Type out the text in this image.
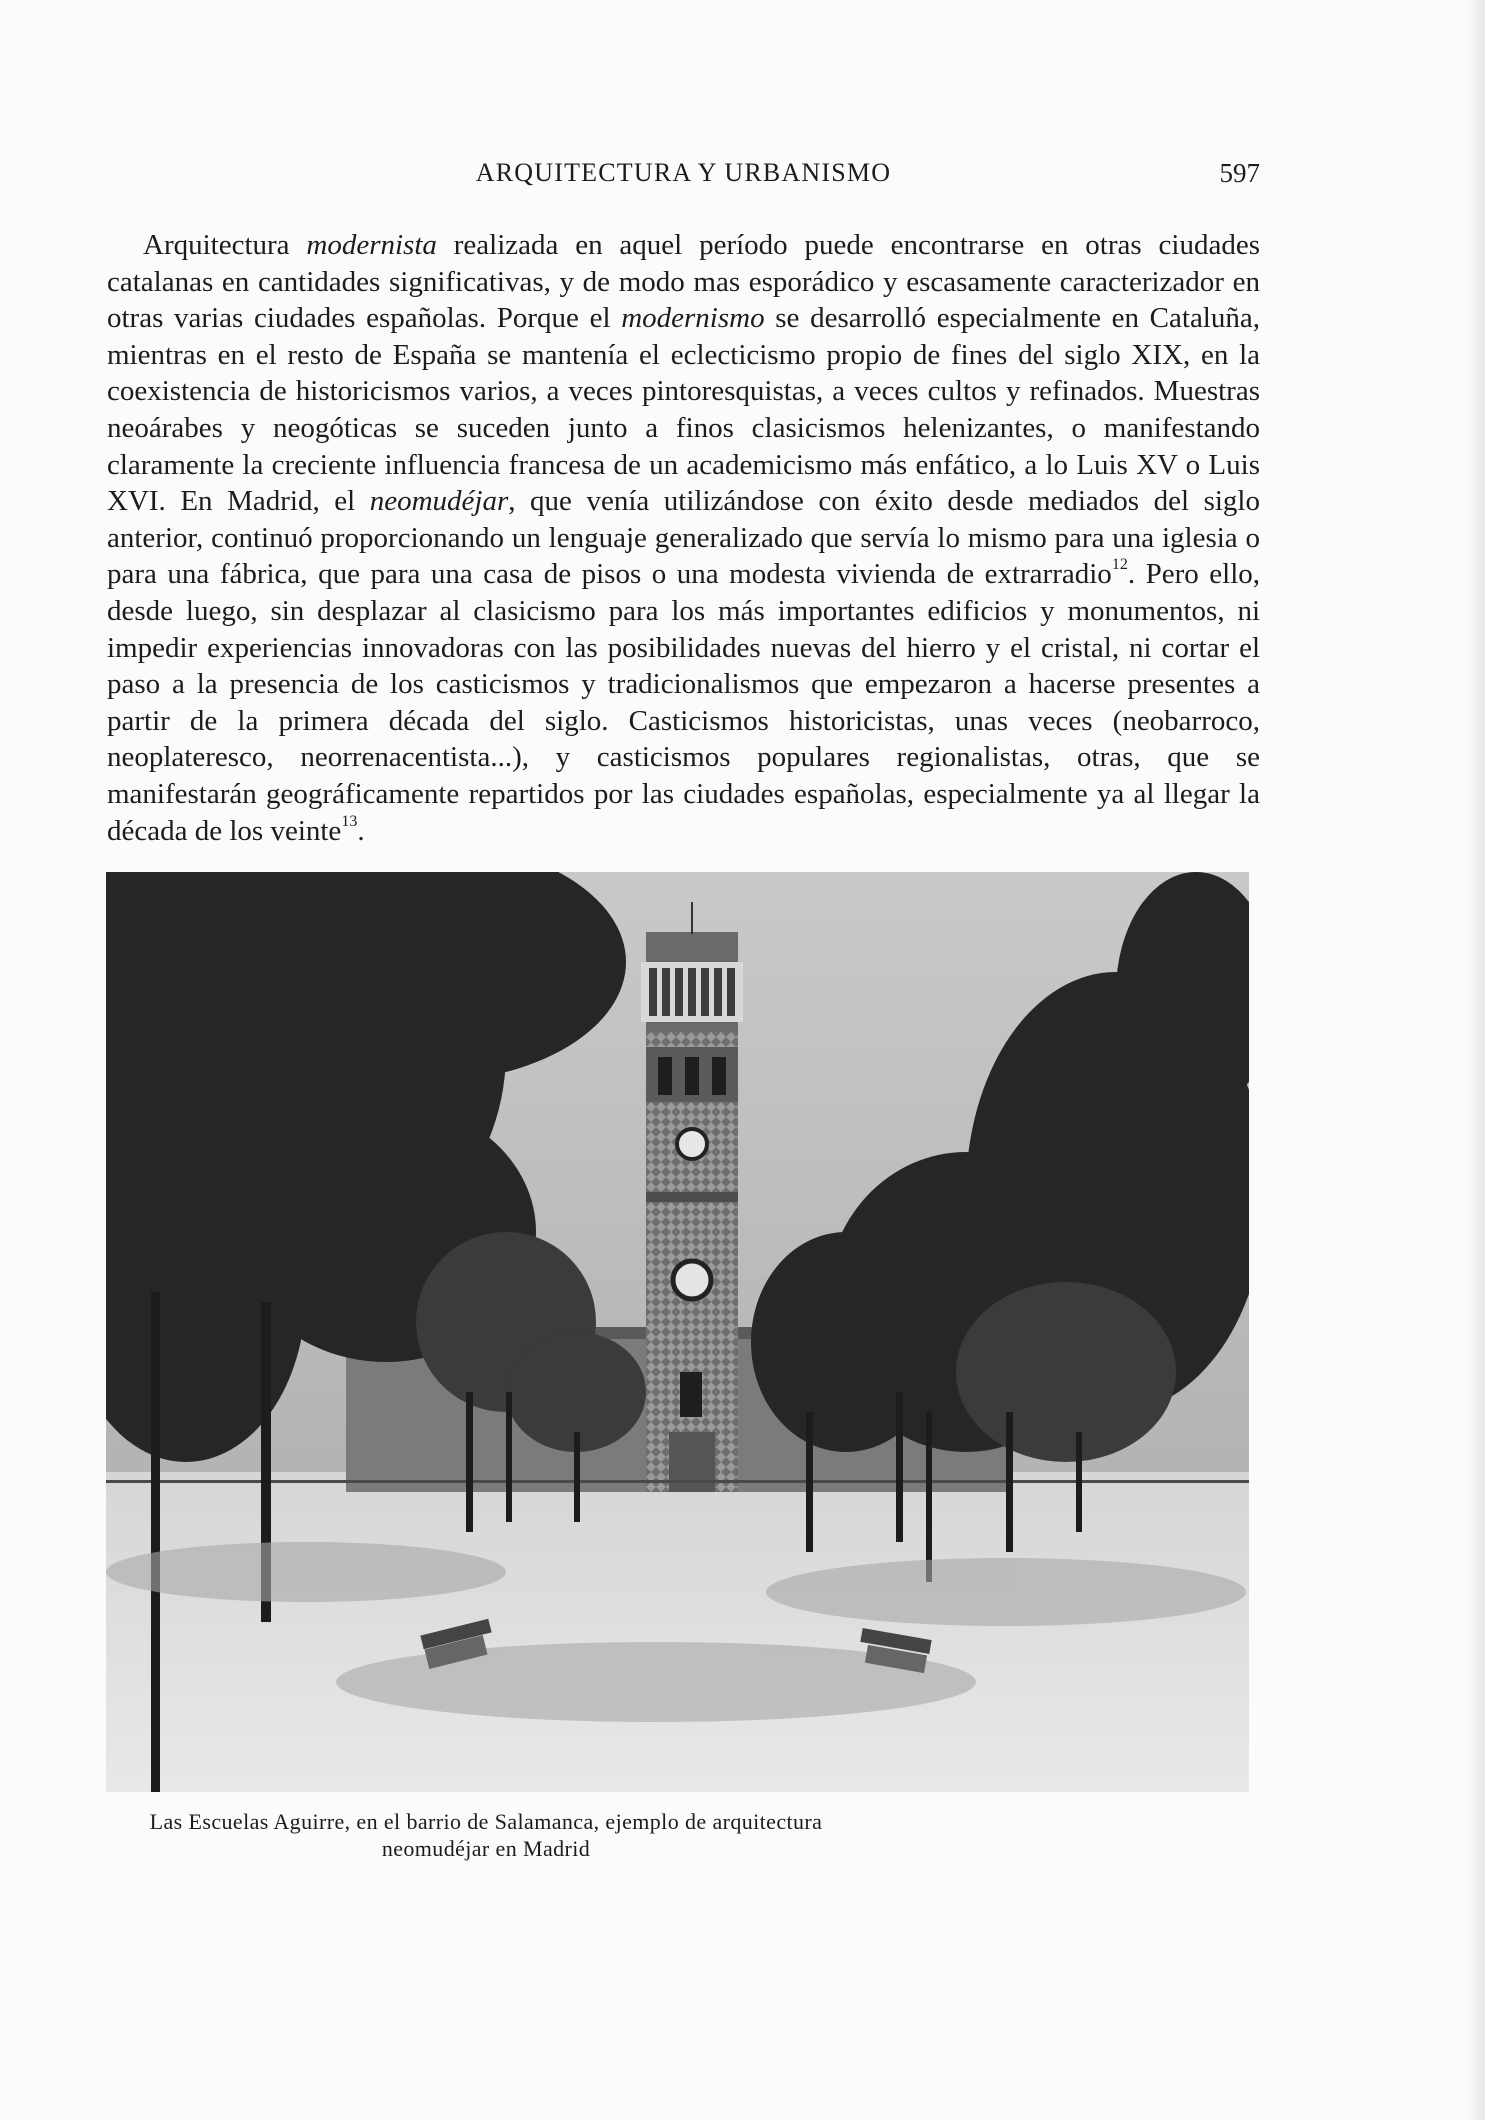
ARQUITECTURA Y URBANISMO	597

Arquitectura modernista realizada en aquel período puede encontrarse en otras ciudades catalanas en cantidades significativas, y de modo mas esporádico y escasamente caracterizador en otras varias ciudades españolas. Porque el modernismo se desarrolló especialmente en Cataluña, mientras en el resto de España se mantenía el eclecticismo propio de fines del siglo XIX, en la coexistencia de historicismos varios, a veces pintoresquistas, a veces cultos y refinados. Muestras neoárabes y neogóticas se suceden junto a finos clasicismos helenizantes, o manifestando claramente la creciente influencia francesa de un academicismo más enfático, a lo Luis XV o Luis XVI. En Madrid, el neomudéjar, que venía utilizándose con éxito desde mediados del siglo anterior, continuó proporcionando un lenguaje generalizado que servía lo mismo para una iglesia o para una fábrica, que para una casa de pisos o una modesta vivienda de extrarradio$^{12}$. Pero ello, desde luego, sin desplazar al clasicismo para los más importantes edificios y monumentos, ni impedir experiencias innovadoras con las posibilidades nuevas del hierro y el cristal, ni cortar el paso a la presencia de los casticismos y tradicionalismos que empezaron a hacerse presentes a partir de la primera década del siglo. Casticismos historicistas, unas veces (neobarroco, neoplateresco, neorrenacentista...), y casticismos populares regionalistas, otras, que se manifestarán geográficamente repartidos por las ciudades españolas, especialmente ya al llegar la década de los veinte$^{13}$.

Las Escuelas Aguirre, en el barrio de Salamanca, ejemplo de arquitectura
neomudéjar en Madrid
